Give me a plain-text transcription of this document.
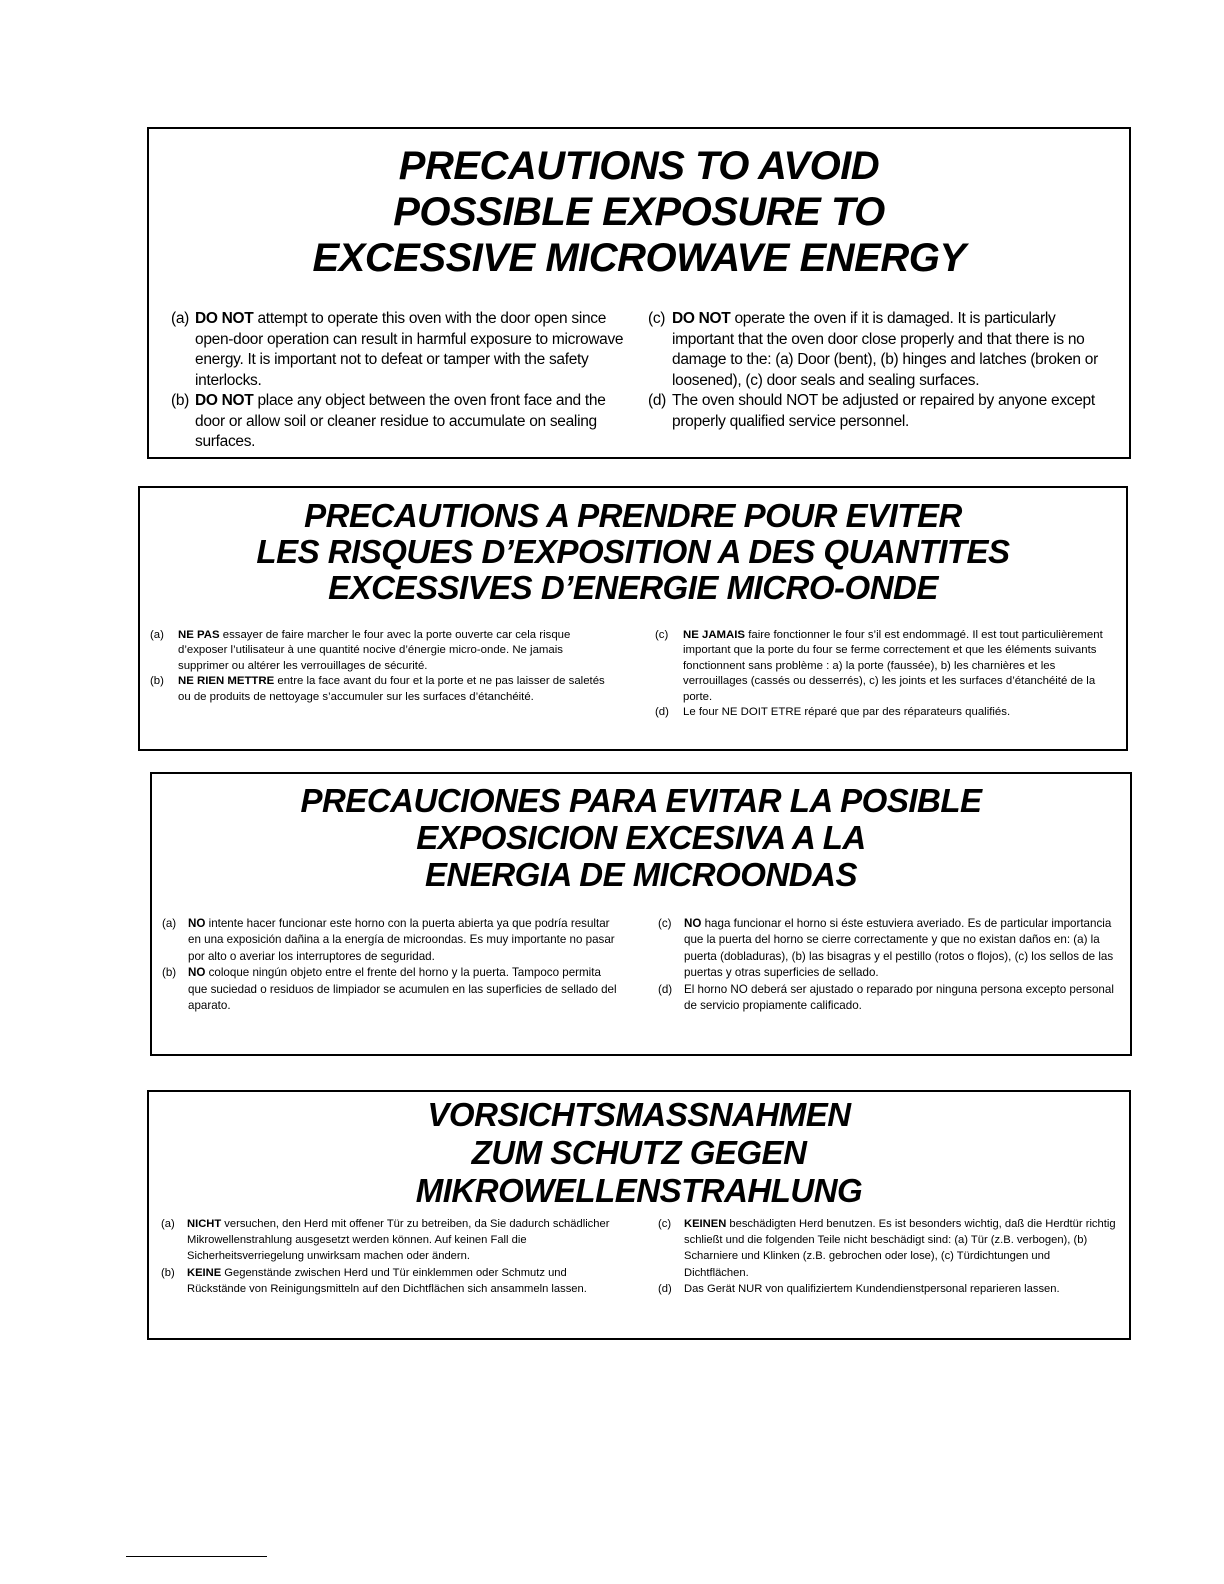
PRECAUTIONS TO AVOID
POSSIBLE EXPOSURE TO
EXCESSIVE MICROWAVE ENERGY
(a) DO NOT attempt to operate this oven with the door open since open-door operation can result in harmful exposure to microwave energy. It is important not to defeat or tamper with the safety interlocks.
(b) DO NOT place any object between the oven front face and the door or allow soil or cleaner residue to accumulate on sealing surfaces.
(c) DO NOT operate the oven if it is damaged. It is particularly important that the oven door close properly and that there is no damage to the: (a) Door (bent), (b) hinges and latches (broken or loosened), (c) door seals and sealing surfaces.
(d) The oven should NOT be adjusted or repaired by anyone except properly qualified service personnel.
PRECAUTIONS A PRENDRE POUR EVITER
LES RISQUES D’EXPOSITION A DES QUANTITES
EXCESSIVES D’ENERGIE MICRO-ONDE
(a)	NE PAS essayer de faire marcher le four avec la porte ouverte car cela risque d’exposer l’utilisateur à une quantité nocive d’énergie micro-onde. Ne jamais supprimer ou altérer les verrouillages de sécurité.
(b)	NE RIEN METTRE entre la face avant du four et la porte et ne pas laisser de saletés ou de produits de nettoyage s’accumuler sur les surfaces d’étanchéité.
(c)	NE JAMAIS faire fonctionner le four s’il est endommagé. Il est tout particulièrement important que la porte du four se ferme correctement et que les éléments suivants fonctionnent sans problème : a) la porte (faussée), b) les charnières et les verrouillages (cassés ou desserrés), c) les joints et les surfaces d’étanchéité de la porte.
(d)	Le four NE DOIT ETRE réparé que par des réparateurs qualifiés.
PRECAUCIONES PARA EVITAR LA POSIBLE
EXPOSICION EXCESIVA A LA
ENERGIA DE MICROONDAS
(a)	NO intente hacer funcionar este horno con la puerta abierta ya que podría resultar en una exposición dañina a la energía de microondas. Es muy importante no pasar por alto o averiar los interruptores de seguridad.
(b)	NO coloque ningún objeto entre el frente del horno y la puerta. Tampoco permita que suciedad o residuos de limpiador se acumulen en las superficies de sellado del aparato.
(c)	NO haga funcionar el horno si éste estuviera averiado. Es de particular importancia que la puerta del horno se cierre correctamente y que no existan daños en: (a) la puerta (dobladuras), (b) las bisagras y el pestillo (rotos o flojos), (c) los sellos de las puertas y otras superficies de sellado.
(d)	El horno NO deberá ser ajustado o reparado por ninguna persona excepto personal de servicio propiamente calificado.
VORSICHTSMASSNAHMEN
ZUM SCHUTZ GEGEN
MIKROWELLENSTRAHLUNG
(a)	NICHT versuchen, den Herd mit offener Tür zu betreiben, da Sie dadurch schädlicher Mikrowellenstrahlung ausgesetzt werden können. Auf keinen Fall die Sicherheitsverriegelung unwirksam machen oder ändern.
(b)	KEINE Gegenstände zwischen Herd und Tür einklemmen oder Schmutz und Rückstände von Reinigungsmitteln auf den Dichtflächen sich ansammeln lassen.
(c)	KEINEN beschädigten Herd benutzen. Es ist besonders wichtig, daß die Herdtür richtig schließt und die folgenden Teile nicht beschädigt sind: (a) Tür (z.B. verbogen), (b) Scharniere und Klinken (z.B. gebrochen oder lose), (c) Türdichtungen und Dichtflächen.
(d)	Das Gerät NUR von qualifiziertem Kundendienstpersonal reparieren lassen.
